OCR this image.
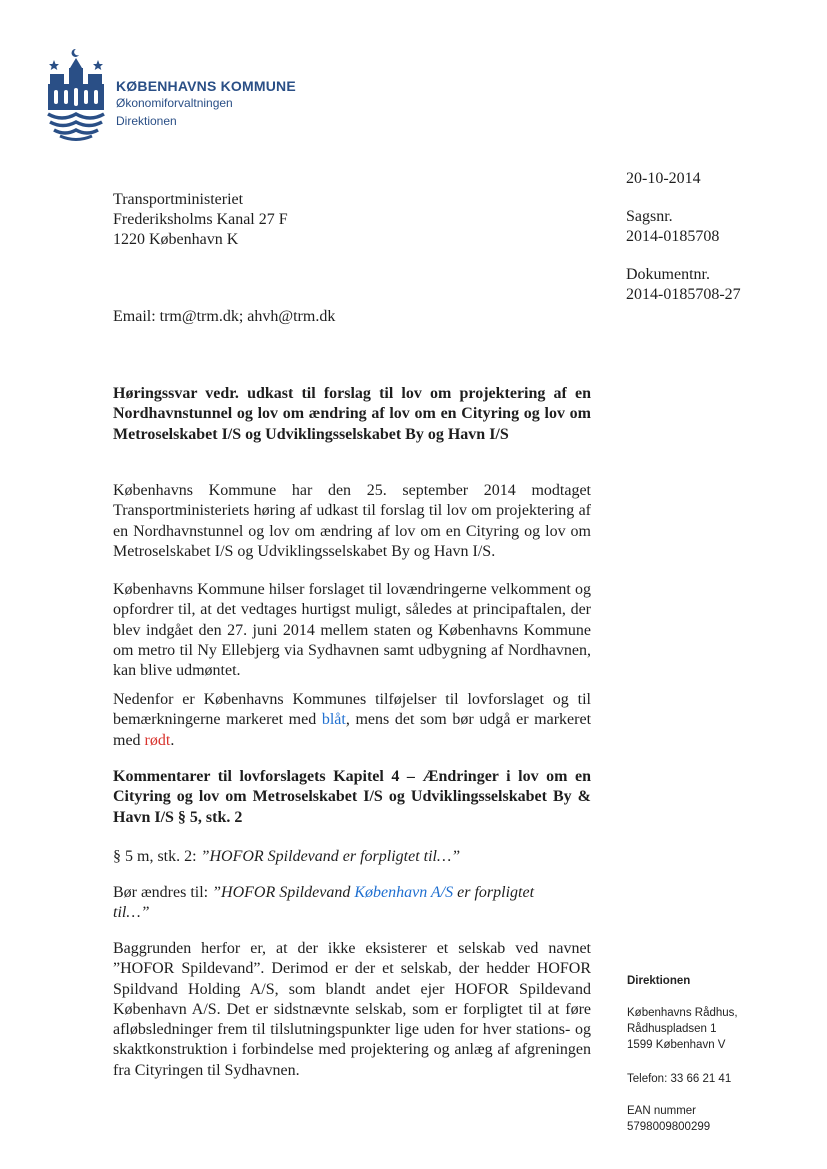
KØBENHAVNS KOMMUNE
Økonomiforvaltningen
Direktionen
20-10-2014
Sagsnr.
2014-0185708
Dokumentnr.
2014-0185708-27
Transportministeriet
Frederiksholms Kanal 27 F
1220 København K
Email: trm@trm.dk; ahvh@trm.dk
Høringssvar vedr. udkast til forslag til lov om projektering af en Nordhavnstunnel og lov om ændring af lov om en Cityring og lov om Metroselskabet I/S og Udviklingsselskabet By og Havn I/S
Københavns Kommune har den 25. september 2014 modtaget Transportministeriets høring af udkast til forslag til lov om projektering af en Nordhavnstunnel og lov om ændring af lov om en Cityring og lov om Metroselskabet I/S og Udviklingsselskabet By og Havn I/S.
Københavns Kommune hilser forslaget til lovændringerne velkomment og opfordrer til, at det vedtages hurtigst muligt, således at principaftalen, der blev indgået den 27. juni 2014 mellem staten og Københavns Kommune om metro til Ny Ellebjerg via Sydhavnen samt udbygning af Nordhavnen, kan blive udmøntet.
Nedenfor er Københavns Kommunes tilføjelser til lovforslaget og til bemærkningerne markeret med blåt, mens det som bør udgå er markeret med rødt.
Kommentarer til lovforslagets Kapitel 4 – Ændringer i lov om en Cityring og lov om Metroselskabet I/S og Udviklingsselskabet By & Havn I/S § 5, stk. 2
§ 5 m, stk. 2: ”HOFOR Spildevand er forpligtet til…”
Bør ændres til: ”HOFOR Spildevand København A/S er forpligtet til…”
Baggrunden herfor er, at der ikke eksisterer et selskab ved navnet ”HOFOR Spildevand”. Derimod er der et selskab, der hedder HOFOR Spildvand Holding A/S, som blandt andet ejer HOFOR Spildevand København A/S. Det er sidstnævnte selskab, som er forpligtet til at føre afløbsledninger frem til tilslutningspunkter lige uden for hver stations- og skaktkonstruktion i forbindelse med projektering og anlæg af afgreningen fra Cityringen til Sydhavnen.
Direktionen
Københavns Rådhus,
Rådhuspladsen 1
1599 København V
Telefon: 33 66 21 41
EAN nummer
5798009800299
